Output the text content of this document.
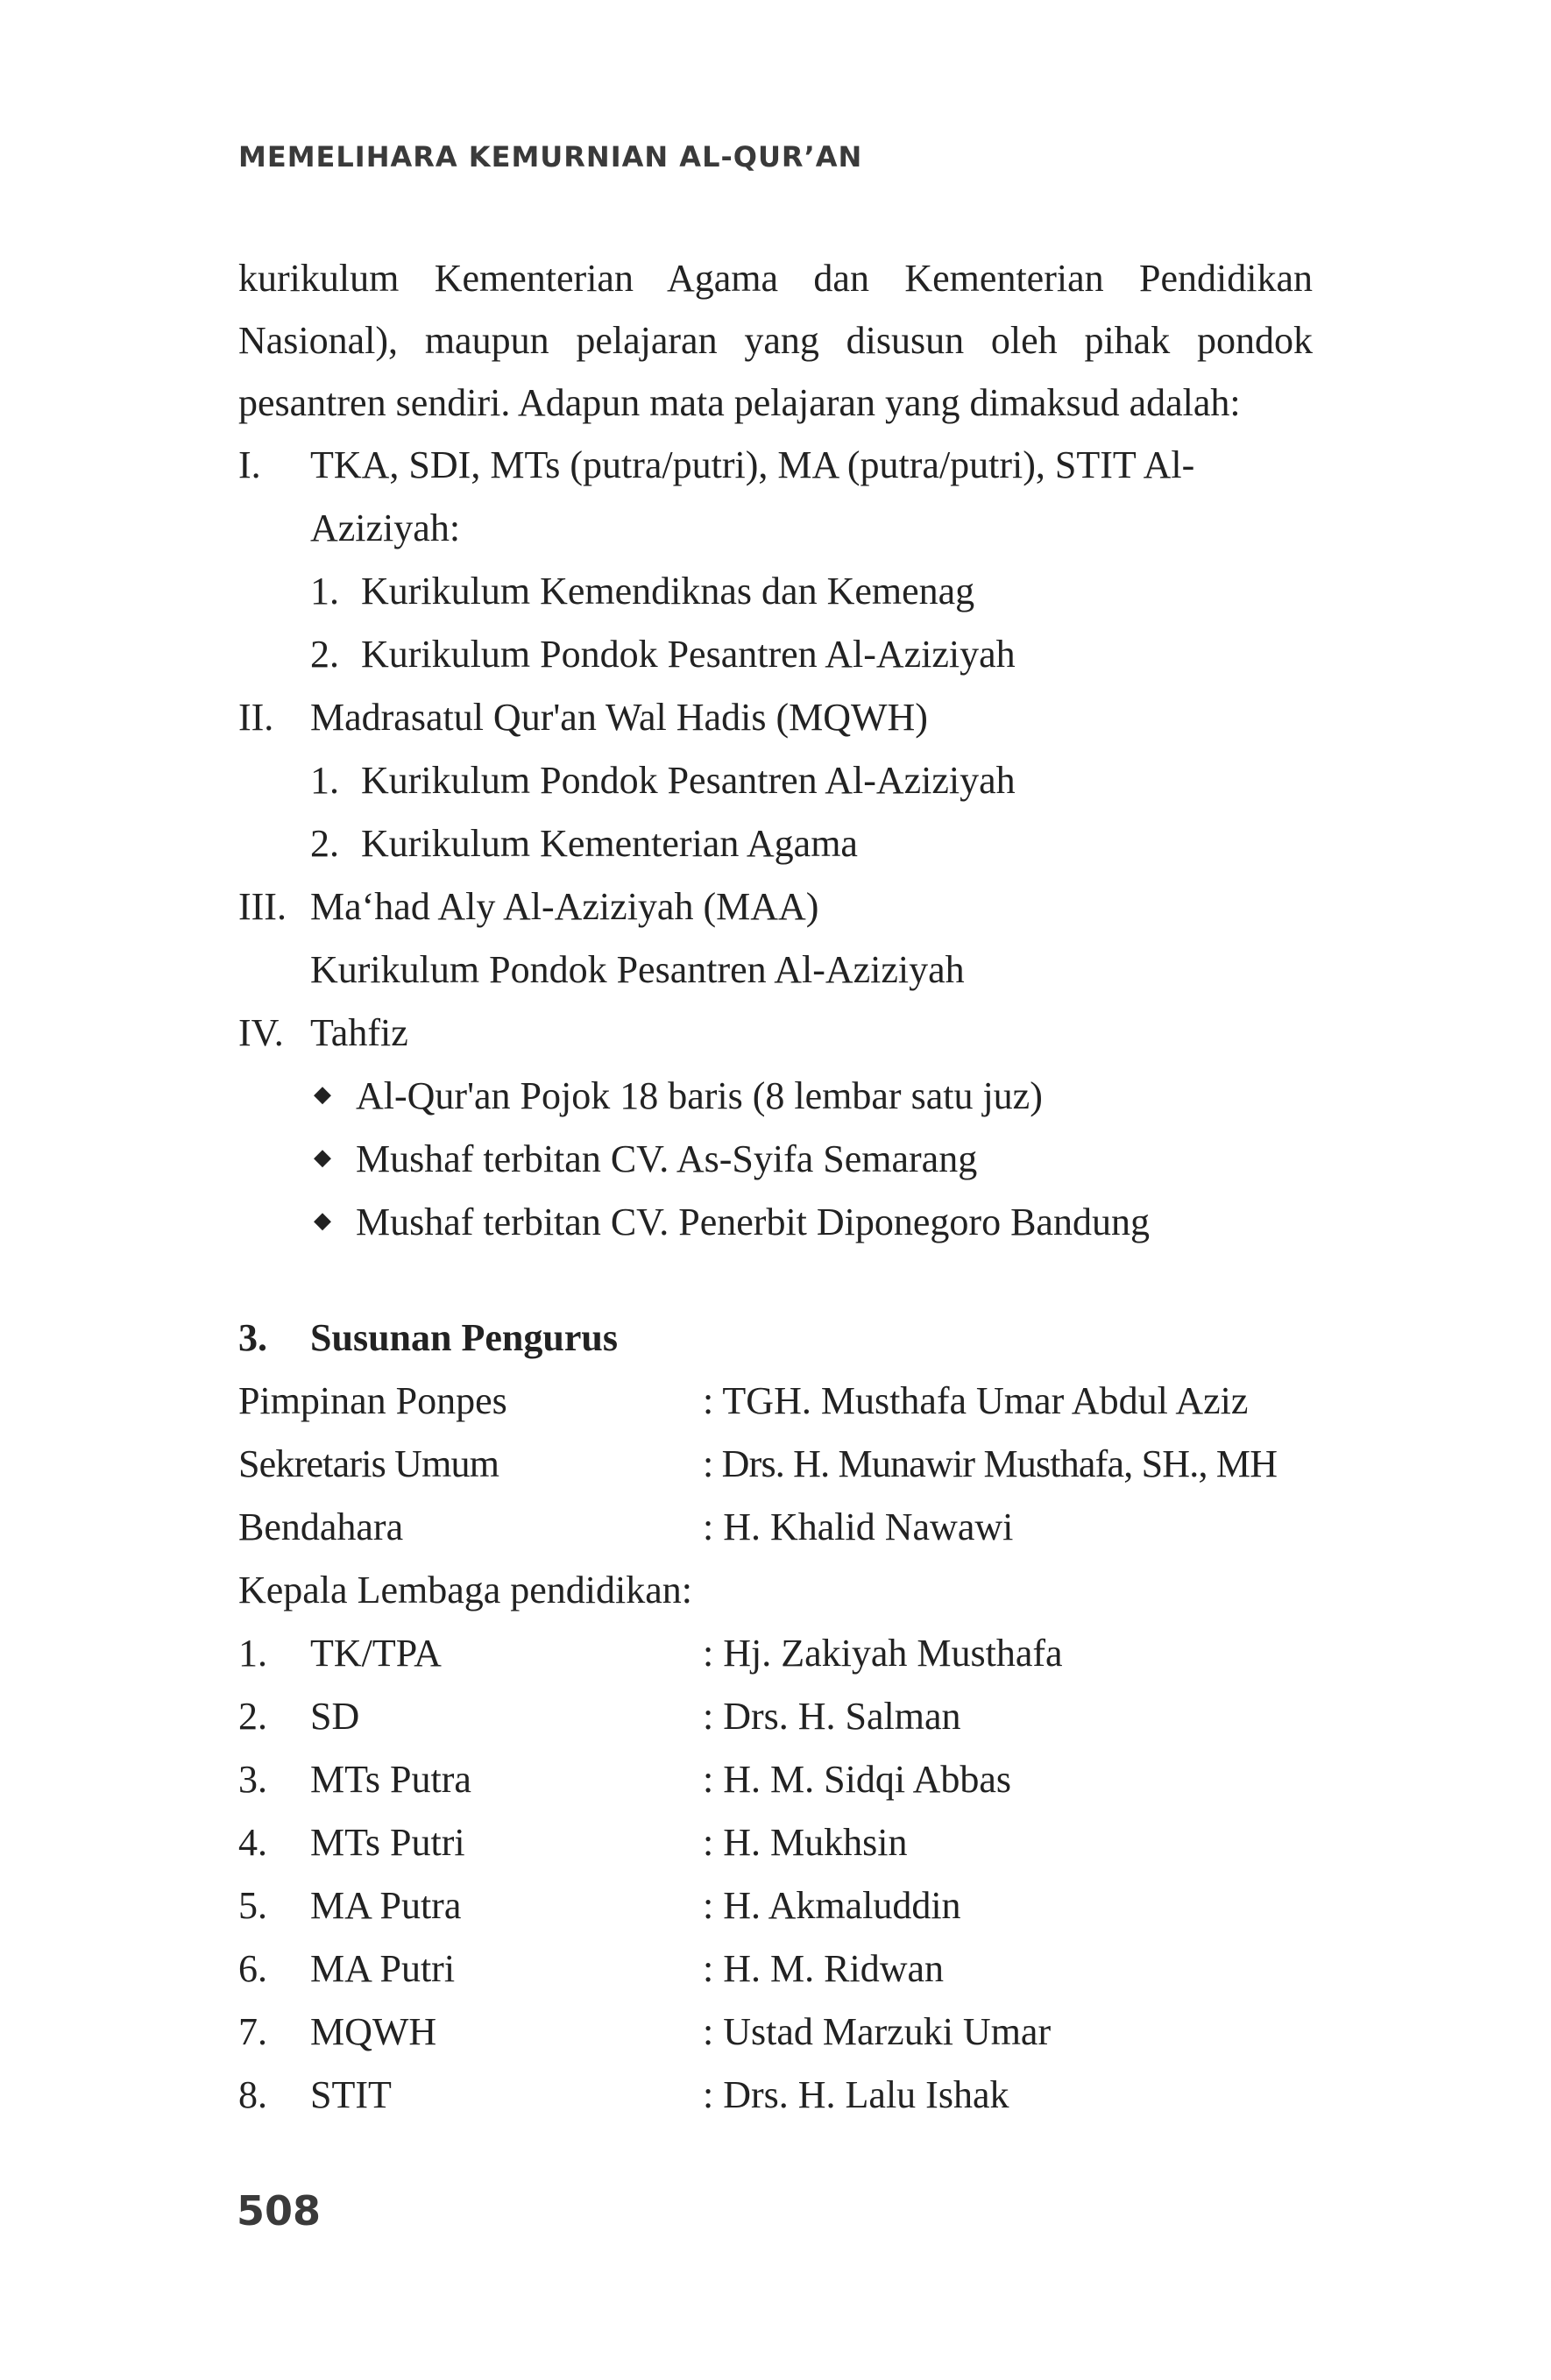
MEMELIHARA KEMURNIAN AL-QUR’AN

kurikulum Kementerian Agama dan Kementerian Pendidikan Nasional), maupun pelajaran yang disusun oleh pihak pondok pesantren sendiri. Adapun mata pelajaran yang dimaksud adalah:

I.	TKA, SDI, MTs (putra/putri), MA (putra/putri), STIT Al-
Aziziyah:
1. Kurikulum Kemendiknas dan Kemenag
2. Kurikulum Pondok Pesantren Al-Aziziyah
II. Madrasatul Qur'an Wal Hadis (MQWH)
1. Kurikulum Pondok Pesantren Al-Aziziyah
2. Kurikulum Kementerian Agama
III. Ma‘had Aly Al-Aziziyah (MAA)
Kurikulum Pondok Pesantren Al-Aziziyah
IV. Tahfiz
◆ Al-Qur'an Pojok 18 baris (8 lembar satu juz)
◆ Mushaf terbitan CV. As-Syifa Semarang
◆ Mushaf terbitan CV. Penerbit Diponegoro Bandung
3.	Susunan Pengurus
Pimpinan Ponpes	: TGH. Musthafa Umar Abdul Aziz
Sekretaris Umum	: Drs. H. Munawir Musthafa, SH., MH
Bendahara	: H. Khalid Nawawi
Kepala Lembaga pendidikan:
1.	TK/TPA	: Hj. Zakiyah Musthafa
2.	SD	: Drs. H. Salman
3.	MTs Putra	: H. M. Sidqi Abbas
4.	MTs Putri	: H. Mukhsin
5.	MA Putra	: H. Akmaluddin
6.	MA Putri	: H. M. Ridwan
7.	MQWH	: Ustad Marzuki Umar
8.	STIT	: Drs. H. Lalu Ishak
508
